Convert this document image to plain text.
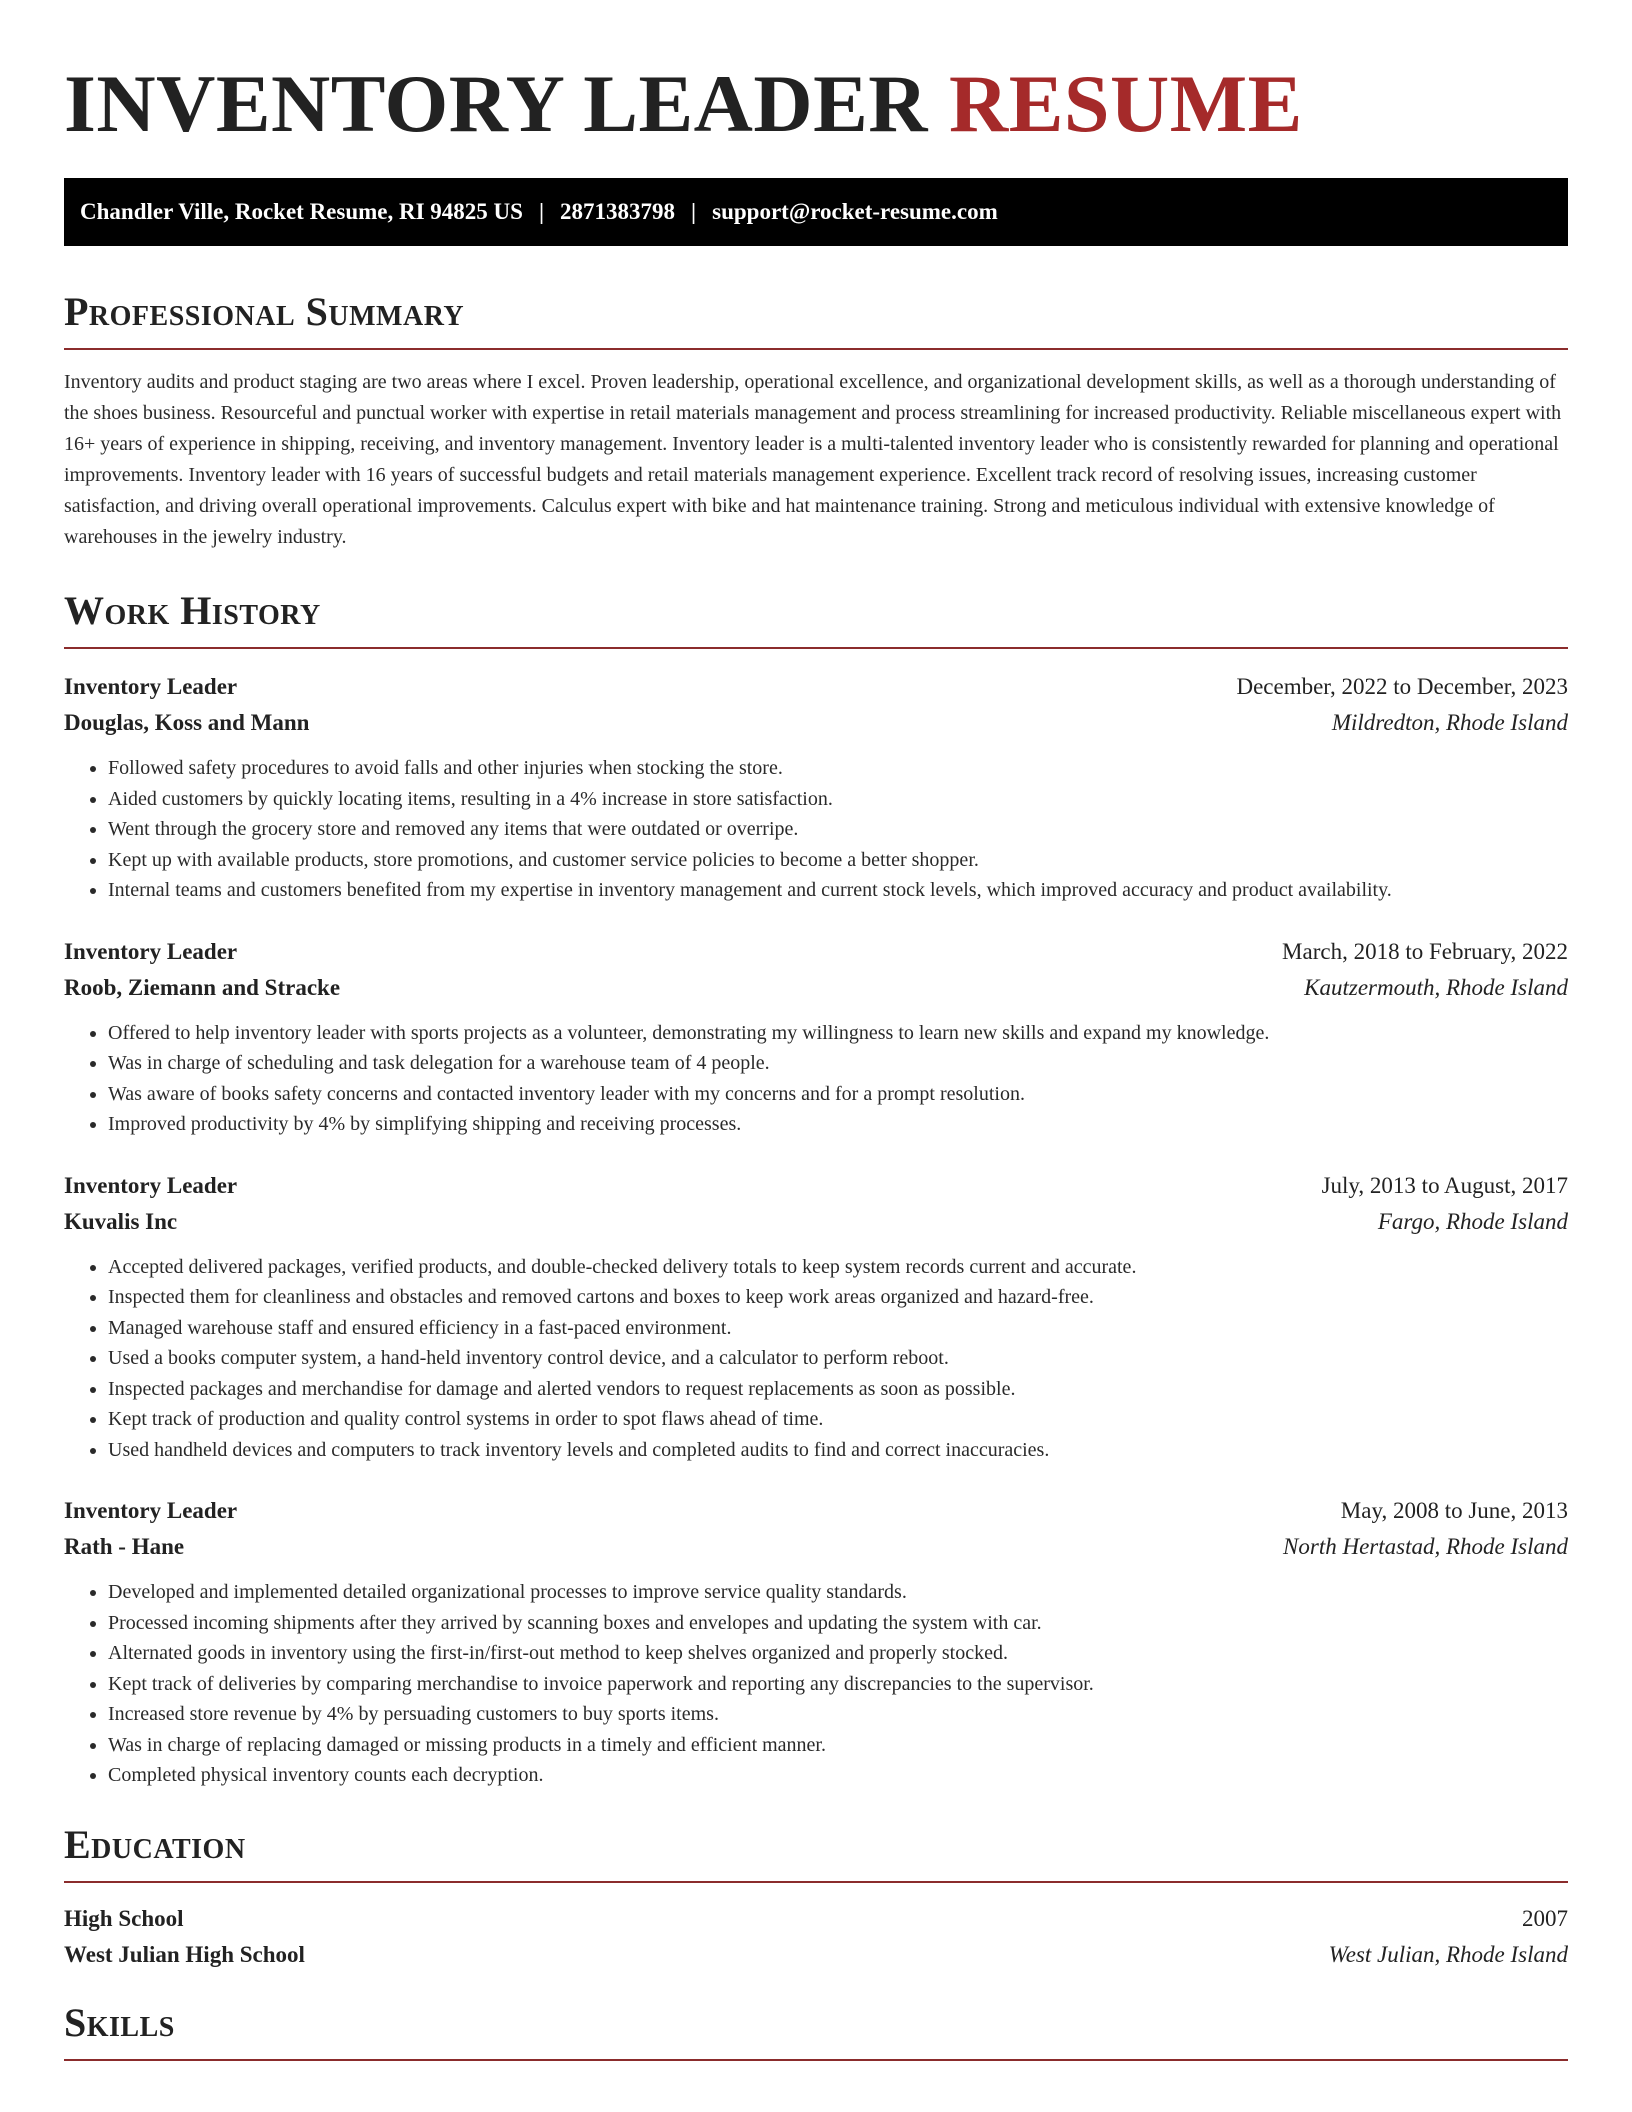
INVENTORY LEADER RESUME
Chandler Ville, Rocket Resume, RI 94825 US | 2871383798 | support@rocket-resume.com
Professional Summary
Inventory audits and product staging are two areas where I excel. Proven leadership, operational excellence, and organizational development skills, as well as a thorough understanding of the shoes business. Resourceful and punctual worker with expertise in retail materials management and process streamlining for increased productivity. Reliable miscellaneous expert with 16+ years of experience in shipping, receiving, and inventory management. Inventory leader is a multi-talented inventory leader who is consistently rewarded for planning and operational improvements. Inventory leader with 16 years of successful budgets and retail materials management experience. Excellent track record of resolving issues, increasing customer satisfaction, and driving overall operational improvements. Calculus expert with bike and hat maintenance training. Strong and meticulous individual with extensive knowledge of warehouses in the jewelry industry.
Work History
Inventory Leader	December, 2022 to December, 2023
Douglas, Koss and Mann	Mildredton, Rhode Island
• Followed safety procedures to avoid falls and other injuries when stocking the store.
• Aided customers by quickly locating items, resulting in a 4% increase in store satisfaction.
• Went through the grocery store and removed any items that were outdated or overripe.
• Kept up with available products, store promotions, and customer service policies to become a better shopper.
• Internal teams and customers benefited from my expertise in inventory management and current stock levels, which improved accuracy and product availability.
Inventory Leader	March, 2018 to February, 2022
Roob, Ziemann and Stracke	Kautzermouth, Rhode Island
• Offered to help inventory leader with sports projects as a volunteer, demonstrating my willingness to learn new skills and expand my knowledge.
• Was in charge of scheduling and task delegation for a warehouse team of 4 people.
• Was aware of books safety concerns and contacted inventory leader with my concerns and for a prompt resolution.
• Improved productivity by 4% by simplifying shipping and receiving processes.
Inventory Leader	July, 2013 to August, 2017
Kuvalis Inc	Fargo, Rhode Island
• Accepted delivered packages, verified products, and double-checked delivery totals to keep system records current and accurate.
• Inspected them for cleanliness and obstacles and removed cartons and boxes to keep work areas organized and hazard-free.
• Managed warehouse staff and ensured efficiency in a fast-paced environment.
• Used a books computer system, a hand-held inventory control device, and a calculator to perform reboot.
• Inspected packages and merchandise for damage and alerted vendors to request replacements as soon as possible.
• Kept track of production and quality control systems in order to spot flaws ahead of time.
• Used handheld devices and computers to track inventory levels and completed audits to find and correct inaccuracies.
Inventory Leader	May, 2008 to June, 2013
Rath - Hane	North Hertastad, Rhode Island
• Developed and implemented detailed organizational processes to improve service quality standards.
• Processed incoming shipments after they arrived by scanning boxes and envelopes and updating the system with car.
• Alternated goods in inventory using the first-in/first-out method to keep shelves organized and properly stocked.
• Kept track of deliveries by comparing merchandise to invoice paperwork and reporting any discrepancies to the supervisor.
• Increased store revenue by 4% by persuading customers to buy sports items.
• Was in charge of replacing damaged or missing products in a timely and efficient manner.
• Completed physical inventory counts each decryption.
Education
High School	2007
West Julian High School	West Julian, Rhode Island
Skills
